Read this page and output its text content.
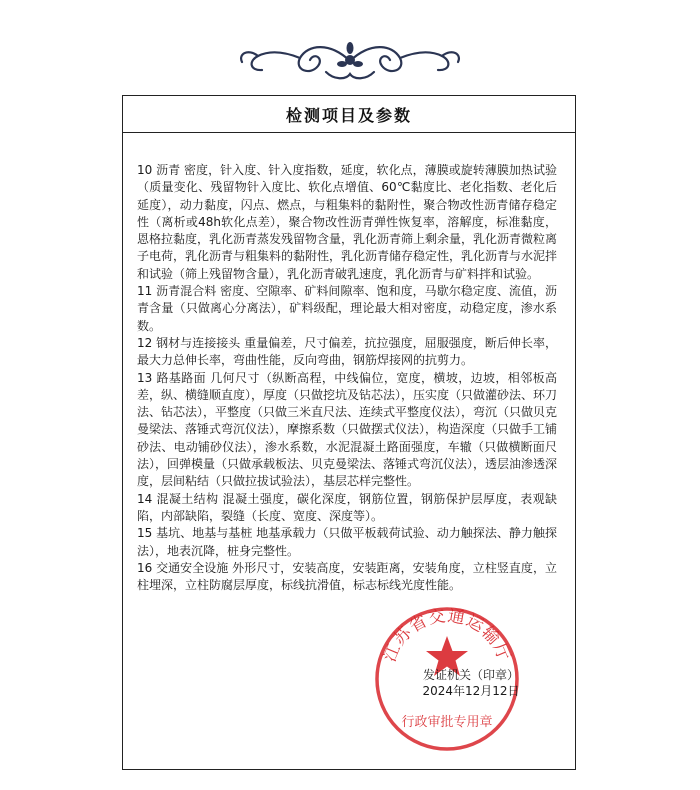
检测项目及参数

10 沥青 密度，针入度、针入度指数，延度，软化点，薄膜或旋转薄膜加热试验（质量变化、残留物针入度比、软化点增值、60℃黏度比、老化指数、老化后延度），动力黏度，闪点、燃点，与粗集料的黏附性，聚合物改性沥青储存稳定性（离析或48h软化点差），聚合物改性沥青弹性恢复率，溶解度，标准黏度，恩格拉黏度，乳化沥青蒸发残留物含量，乳化沥青筛上剩余量，乳化沥青微粒离子电荷，乳化沥青与粗集料的黏附性，乳化沥青储存稳定性，乳化沥青与水泥拌和试验（筛上残留物含量），乳化沥青破乳速度，乳化沥青与矿料拌和试验。

11 沥青混合料 密度、空隙率、矿料间隙率、饱和度，马歇尔稳定度、流值，沥青含量（只做离心分离法），矿料级配，理论最大相对密度，动稳定度，渗水系数。

12 钢材与连接接头 重量偏差，尺寸偏差，抗拉强度，屈服强度，断后伸长率，最大力总伸长率，弯曲性能，反向弯曲，钢筋焊接网的抗剪力。

13 路基路面 几何尺寸（纵断高程，中线偏位，宽度，横坡，边坡，相邻板高差，纵、横缝顺直度），厚度（只做挖坑及钻芯法），压实度（只做灌砂法、环刀法、钻芯法），平整度（只做三米直尺法、连续式平整度仪法），弯沉（只做贝克曼梁法、落锤式弯沉仪法），摩擦系数（只做摆式仪法），构造深度（只做手工铺砂法、电动铺砂仪法），渗水系数，水泥混凝土路面强度，车辙（只做横断面尺法），回弹模量（只做承载板法、贝克曼梁法、落锤式弯沉仪法），透层油渗透深度，层间粘结（只做拉拔试验法），基层芯样完整性。

14 混凝土结构 混凝土强度，碳化深度，钢筋位置，钢筋保护层厚度，表观缺陷，内部缺陷，裂缝（长度、宽度、深度等）。

15 基坑、地基与基桩 地基承载力（只做平板载荷试验、动力触探法、静力触探法），地表沉降，桩身完整性。

16 交通安全设施 外形尺寸，安装高度，安装距离，安装角度，立柱竖直度，立柱埋深，立柱防腐层厚度，标线抗滑值，标志标线光度性能。

江苏省交通运输厅
行政审批专用章
发证机关（印章）
2024年12月12日
